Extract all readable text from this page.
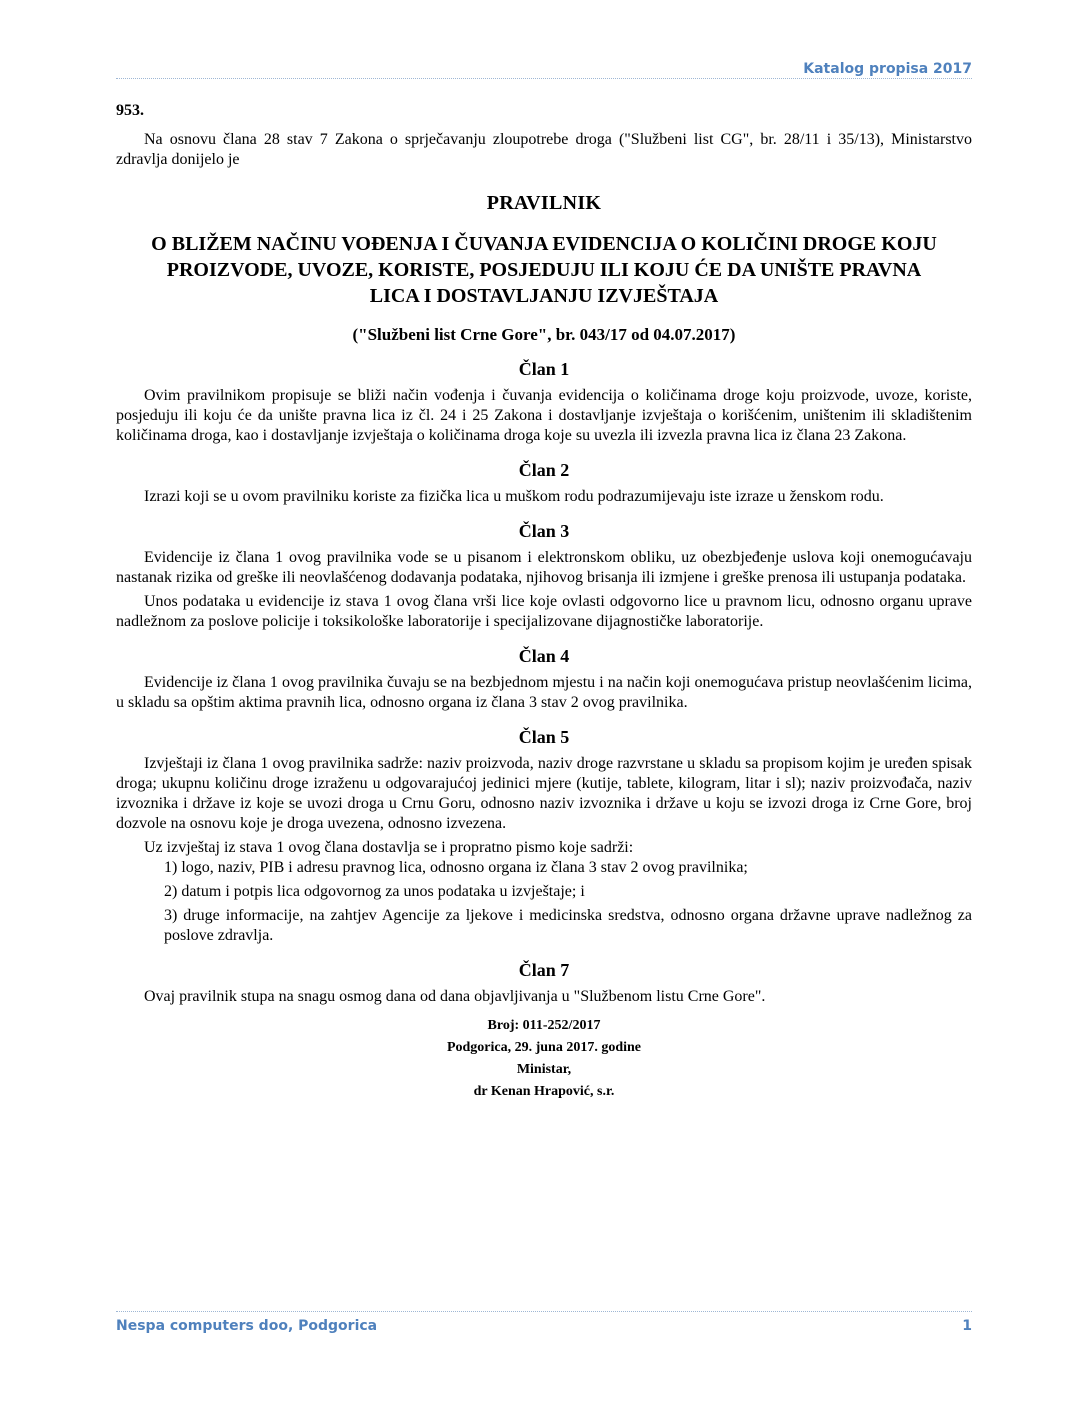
Katalog propisa 2017
953.

Na osnovu člana 28 stav 7 Zakona o sprječavanju zloupotrebe droga ("Službeni list CG", br. 28/11 i 35/13), Ministarstvo zdravlja donijelo je

PRAVILNIK
O BLIŽEM NAČINU VOĐENJA I ČUVANJA EVIDENCIJA O KOLIČINI DROGE KOJU PROIZVODE, UVOZE, KORISTE, POSJEDUJU ILI KOJU ĆE DA UNIŠTE PRAVNA LICA I DOSTAVLJANJU IZVJEŠTAJA
("Službeni list Crne Gore", br. 043/17 od 04.07.2017)
Član 1

Ovim pravilnikom propisuje se bliži način vođenja i čuvanja evidencija o količinama droge koju proizvode, uvoze, koriste, posjeduju ili koju će da unište pravna lica iz čl. 24 i 25 Zakona i dostavljanje izvještaja o korišćenim, uništenim ili skladištenim količinama droga, kao i dostavljanje izvještaja o količinama droga koje su uvezla ili izvezla pravna lica iz člana 23 Zakona.

Član 2

Izrazi koji se u ovom pravilniku koriste za fizička lica u muškom rodu podrazumijevaju iste izraze u ženskom rodu.

Član 3

Evidencije iz člana 1 ovog pravilnika vode se u pisanom i elektronskom obliku, uz obezbjeđenje uslova koji onemogućavaju nastanak rizika od greške ili neovlašćenog dodavanja podataka, njihovog brisanja ili izmjene i greške prenosa ili ustupanja podataka.

Unos podataka u evidencije iz stava 1 ovog člana vrši lice koje ovlasti odgovorno lice u pravnom licu, odnosno organu uprave nadležnom za poslove policije i toksikološke laboratorije i specijalizovane dijagnostičke laboratorije.

Član 4

Evidencije iz člana 1 ovog pravilnika čuvaju se na bezbjednom mjestu i na način koji onemogućava pristup neovlašćenim licima, u skladu sa opštim aktima pravnih lica, odnosno organa iz člana 3 stav 2 ovog pravilnika.

Član 5

Izvještaji iz člana 1 ovog pravilnika sadrže: naziv proizvoda, naziv droge razvrstane u skladu sa propisom kojim je uređen spisak droga; ukupnu količinu droge izraženu u odgovarajućoj jedinici mjere (kutije, tablete, kilogram, litar i sl); naziv proizvođača, naziv izvoznika i države iz koje se uvozi droga u Crnu Goru, odnosno naziv izvoznika i države u koju se izvozi droga iz Crne Gore, broj dozvole na osnovu koje je droga uvezena, odnosno izvezena.

Uz izvještaj iz stava 1 ovog člana dostavlja se i propratno pismo koje sadrži:

1) logo, naziv, PIB i adresu pravnog lica, odnosno organa iz člana 3 stav 2 ovog pravilnika;

2) datum i potpis lica odgovornog za unos podataka u izvještaje; i

3) druge informacije, na zahtjev Agencije za ljekove i medicinska sredstva, odnosno organa državne uprave nadležnog za poslove zdravlja.

Član 7

Ovaj pravilnik stupa na snagu osmog dana od dana objavljivanja u "Službenom listu Crne Gore".

Broj: 011-252/2017
Podgorica, 29. juna 2017. godine
Ministar,
dr Kenan Hrapović, s.r.
Nespa computers doo, Podgorica	1
